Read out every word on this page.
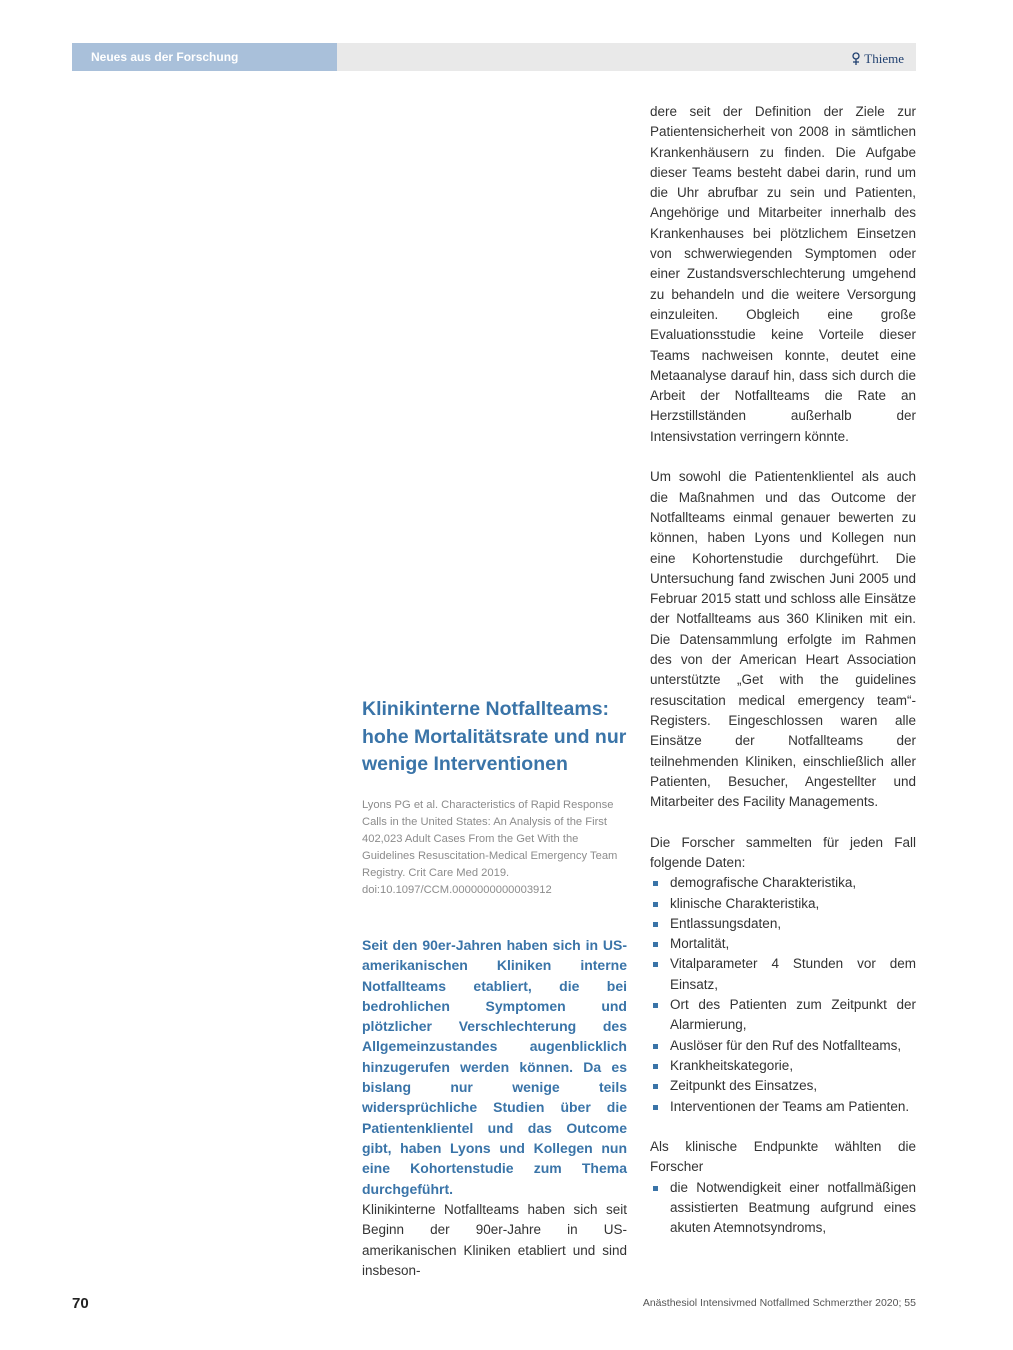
Neues aus der Forschung	Thieme
Klinikinterne Notfallteams: hohe Mortalitätsrate und nur wenige Interventionen

Lyons PG et al. Characteristics of Rapid Response Calls in the United States: An Analysis of the First 402,023 Adult Cases From the Get With the Guidelines Resuscitation-Medical Emergency Team Registry. Crit Care Med 2019. doi:10.1097/CCM.0000000000003912

Seit den 90er-Jahren haben sich in US-amerikanischen Kliniken interne Notfallteams etabliert, die bei bedrohlichen Symptomen und plötzlicher Verschlechterung des Allgemeinzustandes augenblicklich hinzugerufen werden können. Da es bislang nur wenige teils widersprüchliche Studien über die Patientenklientel und das Outcome gibt, haben Lyons und Kollegen nun eine Kohortenstudie zum Thema durchgeführt.

Klinikinterne Notfallteams haben sich seit Beginn der 90er-Jahre in US-amerikanischen Kliniken etabliert und sind insbeson-

dere seit der Definition der Ziele zur Patientensicherheit von 2008 in sämtlichen Krankenhäusern zu finden. Die Aufgabe dieser Teams besteht dabei darin, rund um die Uhr abrufbar zu sein und Patienten, Angehörige und Mitarbeiter innerhalb des Krankenhauses bei plötzlichem Einsetzen von schwerwiegenden Symptomen oder einer Zustandsverschlechterung umgehend zu behandeln und die weitere Versorgung einzuleiten. Obgleich eine große Evaluationsstudie keine Vorteile dieser Teams nachweisen konnte, deutet eine Metaanalyse darauf hin, dass sich durch die Arbeit der Notfallteams die Rate an Herzstillständen außerhalb der Intensivstation verringern könnte.

Um sowohl die Patientenklientel als auch die Maßnahmen und das Outcome der Notfallteams einmal genauer bewerten zu können, haben Lyons und Kollegen nun eine Kohortenstudie durchgeführt. Die Untersuchung fand zwischen Juni 2005 und Februar 2015 statt und schloss alle Einsätze der Notfallteams aus 360 Kliniken mit ein. Die Datensammlung erfolgte im Rahmen des von der American Heart Association unterstützte „Get with the guidelines resuscitation medical emergency team“-Registers. Eingeschlossen waren alle Einsätze der Notfallteams der teilnehmenden Kliniken, einschließlich aller Patienten, Besucher, Angestellter und Mitarbeiter des Facility Managements.

Die Forscher sammelten für jeden Fall folgende Daten:

demografische Charakteristika,
klinische Charakteristika,
Entlassungsdaten,
Mortalität,
Vitalparameter 4 Stunden vor dem Einsatz,
Ort des Patienten zum Zeitpunkt der Alarmierung,
Auslöser für den Ruf des Notfallteams,
Krankheitskategorie,
Zeitpunkt des Einsatzes,
Interventionen der Teams am Patienten.

Als klinische Endpunkte wählten die Forscher

die Notwendigkeit einer notfallmäßigen assistierten Beatmung aufgrund eines akuten Atemnotsyndroms,
70	Anästhesiol Intensivmed Notfallmed Schmerzther 2020; 55
